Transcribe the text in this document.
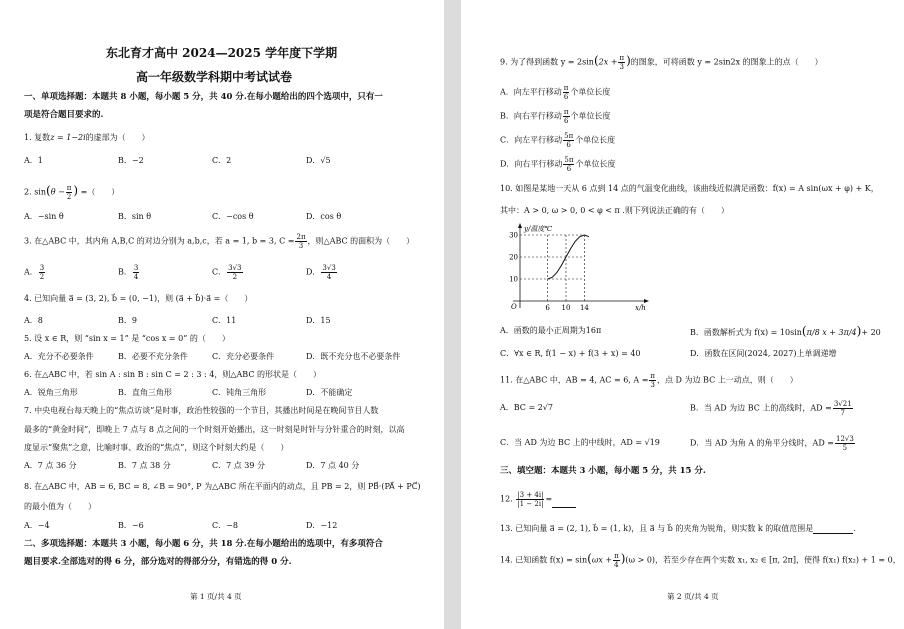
东北育才高中 2024—2025 学年度下学期
高一年级数学科期中考试试卷
一、单项选择题：本题共 8 小题，每小题 5 分，共 40 分.在每小题给出的四个选项中，只有一
项是符合题目要求的.
1. 复数z = 1−2i的虚部为（　　）
A．1	B．−2	C．2	D．√5
2. $\sin(\theta - \frac{\pi}{2}$ ) =（　　）
A．−sin θ	B．sin θ	C．−cos θ	D．cos θ
3. 在△ABC 中，其内角 A,B,C 的对边分别为 a,b,c，若 a = 1, b = 3, $C = \frac{2\pi}{3}$ ，则△ABC 的面积为（　　）
A． $\frac{3}{2}$	B． $\frac{3}{4}$	C． $\frac{3√3}{2}$	D． $\frac{3√3}{4}$
4. 已知向量 a⃗ = (3, 2), b⃗ = (0, −1)，则 (a⃗ + b⃗)·a⃗ =（　　）
A．8	B．9	C．11	D．15
5. 设 x ∈ R，则 “sin x = 1” 是 “cos x = 0” 的（　　）
A．充分不必要条件	B．必要不充分条件	C．充分必要条件	D．既不充分也不必要条件
6. 在△ABC 中，若 sin A : sin B : sin C = 2 : 3 : 4，则△ABC 的形状是（　　）
A．锐角三角形	B．直角三角形	C．钝角三角形	D．不能确定
7. 中央电视台每天晚上的“焦点访谈”是时事，政治性较强的一个节目，其播出时间是在晚间节目人数
最多的“黄金时间”，即晚上 7 点与 8 点之间的一个时刻开始播出，这一时刻是时针与分针重合的时刻，以高
度显示“聚焦”之意，比喻时事、政治的“焦点”，则这个时刻大约是（　　）
A．7 点 36 分	B．7 点 38 分	C．7 点 39 分	D．7 点 40 分
8. 在△ABC 中，AB = 6, BC = 8, ∠B = 90°, P 为△ABC 所在平面内的动点，且 PB = 2，则 PB⃗·(PA⃗ + PC⃗)
的最小值为（　　）
A．−4	B．−6	C．−8	D．−12
二、多项选择题：本题共 3 小题，每小题 6 分，共 18 分.在每小题给出的选项中，有多项符合
题目要求.全部选对的得 6 分，部分选对的得部分分，有错选的得 0 分.
第 1 页/共 4 页
9. 为了得到函数 $y = 2\sin(2x + \frac{\pi}{3}$ )的图象，可将函数 y = 2sin2x 的图象上的点（　　）
A．向左平行移动 $\frac{\pi}{6}$ 个单位长度
B．向右平行移动 $\frac{\pi}{6}$ 个单位长度
C．向左平行移动 $\frac{5\pi}{6}$ 个单位长度
D．向右平行移动 $\frac{5\pi}{6}$ 个单位长度
10. 如图是某地一天从 6 点到 14 点的气温变化曲线，该曲线近似满足函数：f(x) = A sin(ωx + φ) + K，
其中：A > 0, ω > 0, 0 < φ < π .则下列说法正确的有（　　）
y/温度℃
x/h
O
10
20
30
6 10 14
A．函数的最小正周期为16π	B．函数解析式为 f(x) = 10sin(π/8 x + 3π/4)+ 20
C．∀x ∈ R, f(1 − x) + f(3 + x) = 40	D．函数在区间(2024, 2027)上单调递增
11. 在△ABC 中，AB = 4, AC = 6, $A = \frac{\pi}{3}$ ，点 D 为边 BC 上一动点，则（　　）
A．BC = 2√7	B．当 AD 为边 BC 上的高线时，AD = $\frac{3√21}{7}$
C．当 AD 为边 BC 上的中线时，AD = √19	D．当 AD 为角 A 的角平分线时，AD = $\frac{12√3}{5}$
三、填空题：本题共 3 小题，每小题 5 分，共 15 分.
12. $\frac{|3 + 4i|}{|1 - 2i|}$ =
13. 已知向量 a⃗ = (2, 1), b⃗ = (1, k)，且 a⃗ 与 b⃗ 的夹角为锐角，则实数 k 的取值范围是	.
14. 已知函数 $f(x) = \sin(\omega x + \frac{\pi}{4} )(\omega > 0)$，若至少存在两个实数 x₁, x₂ ∈ [π, 2π]，使得 f(x₁) f(x₂) + 1 = 0，
第 2 页/共 4 页
